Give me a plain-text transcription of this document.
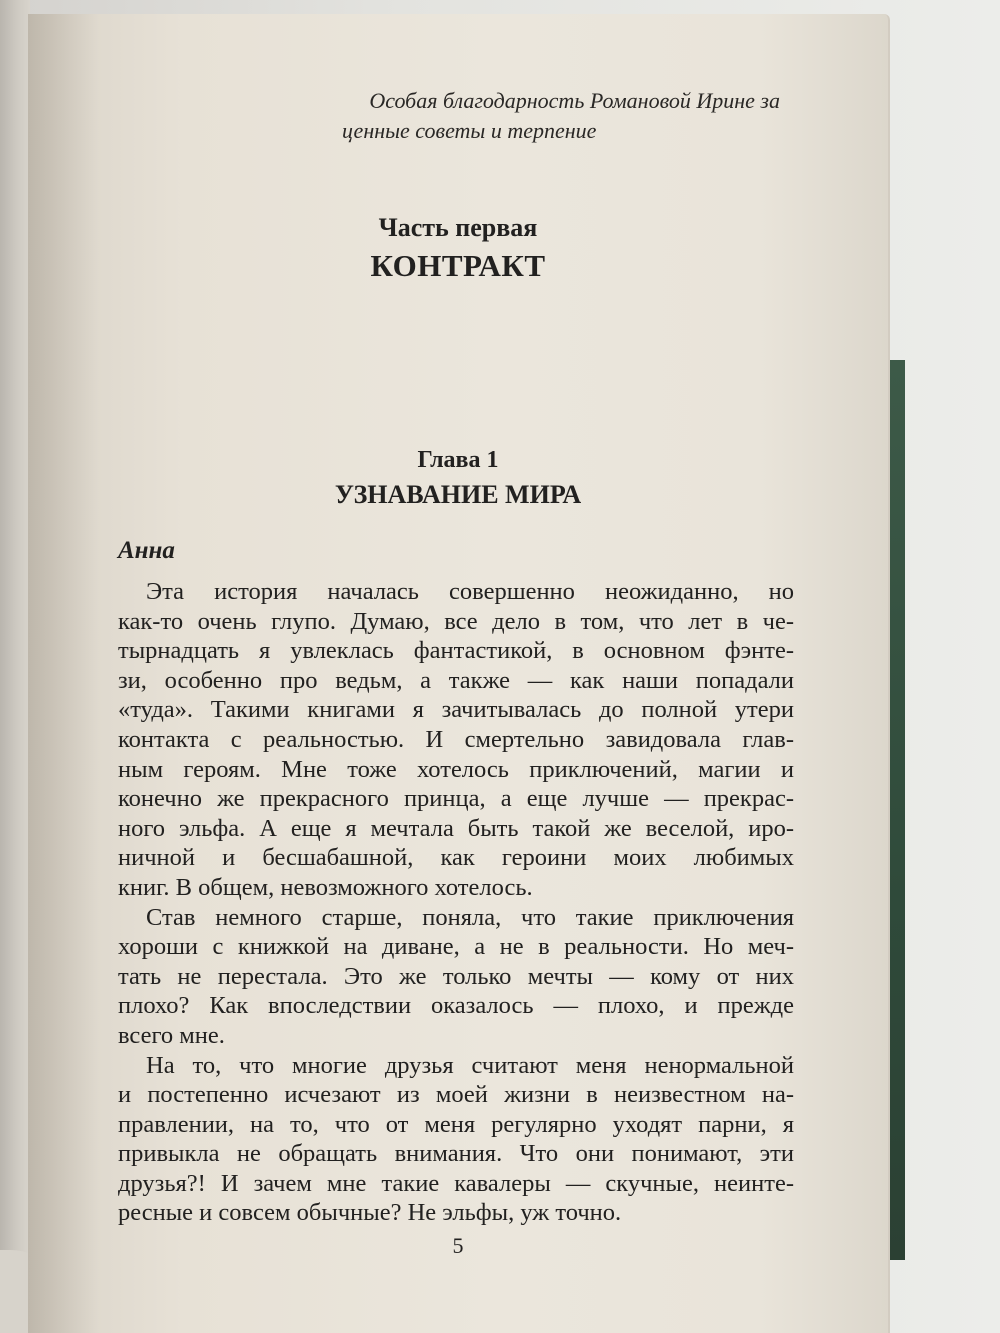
Особая благодарность Романовой Ирине за
ценные советы и терпение
Часть первая
КОНТРАКТ
Глава 1
УЗНАВАНИЕ МИРА
Анна
Эта история началась совершенно неожиданно, но
как-то очень глупо. Думаю, все дело в том, что лет в че-
тырнадцать я увлеклась фантастикой, в основном фэнте-
зи, особенно про ведьм, а также — как наши попадали
«туда». Такими книгами я зачитывалась до полной утери
контакта с реальностью. И смертельно завидовала глав-
ным героям. Мне тоже хотелось приключений, магии и
конечно же прекрасного принца, а еще лучше — прекрас-
ного эльфа. А еще я мечтала быть такой же веселой, иро-
ничной и бесшабашной, как героини моих любимых
книг. В общем, невозможного хотелось.
Став немного старше, поняла, что такие приключения
хороши с книжкой на диване, а не в реальности. Но меч-
тать не перестала. Это же только мечты — кому от них
плохо? Как впоследствии оказалось — плохо, и прежде
всего мне.
На то, что многие друзья считают меня ненормальной
и постепенно исчезают из моей жизни в неизвестном на-
правлении, на то, что от меня регулярно уходят парни, я
привыкла не обращать внимания. Что они понимают, эти
друзья?! И зачем мне такие кавалеры — скучные, неинте-
ресные и совсем обычные? Не эльфы, уж точно.
5
